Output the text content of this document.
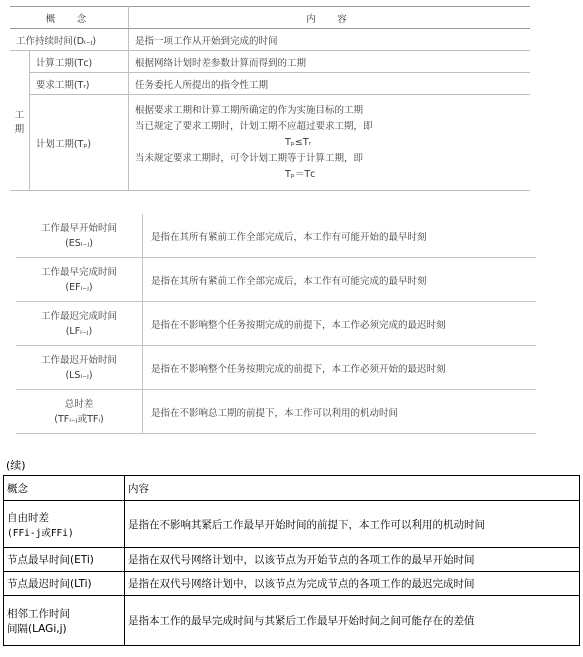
概　念		内　容
工作持续时间(Dᵢ₋ⱼ)		是指一项工作从开始到完成的时间
工期	计算工期(Tᴄ)	根据网络计划时差参数计算而得到的工期
	要求工期(Tᵣ)	任务委托人所提出的指令性工期
	计划工期(Tₚ)	根据要求工期和计算工期所确定的作为实施目标的工期
当已规定了要求工期时，计划工期不应超过要求工期，即
Tₚ≤Tᵣ
当未规定要求工期时，可令计划工期等于计算工期，即
Tₚ＝Tᴄ
工作最早开始时间
(ESᵢ₋ⱼ)	是指在其所有紧前工作全部完成后，本工作有可能开始的最早时刻

工作最早完成时间
(EFᵢ₋ⱼ)	是指在其所有紧前工作全部完成后，本工作有可能完成的最早时刻

工作最迟完成时间
(LFᵢ₋ⱼ)	是指在不影响整个任务按期完成的前提下，本工作必须完成的最迟时刻

工作最迟开始时间
(LSᵢ₋ⱼ)	是指在不影响整个任务按期完成的前提下，本工作必须开始的最迟时刻

总时差
(TFᵢ₋ⱼ或TFᵢ)	是指在不影响总工期的前提下，本工作可以利用的机动时间
(续)
概念	内容

自由时差
(FFi-j或FFi)	是指在不影响其紧后工作最早开始时间的前提下，本工作可以利用的机动时间
节点最早时间(ETi)	是指在双代号网络计划中，以该节点为开始节点的各项工作的最早开始时间
节点最迟时间(LTi)	是指在双代号网络计划中，以该节点为完成节点的各项工作的最迟完成时间

相邻工作时间
间隔(LAGi,j)	是指本工作的最早完成时间与其紧后工作最早开始时间之间可能存在的差值
